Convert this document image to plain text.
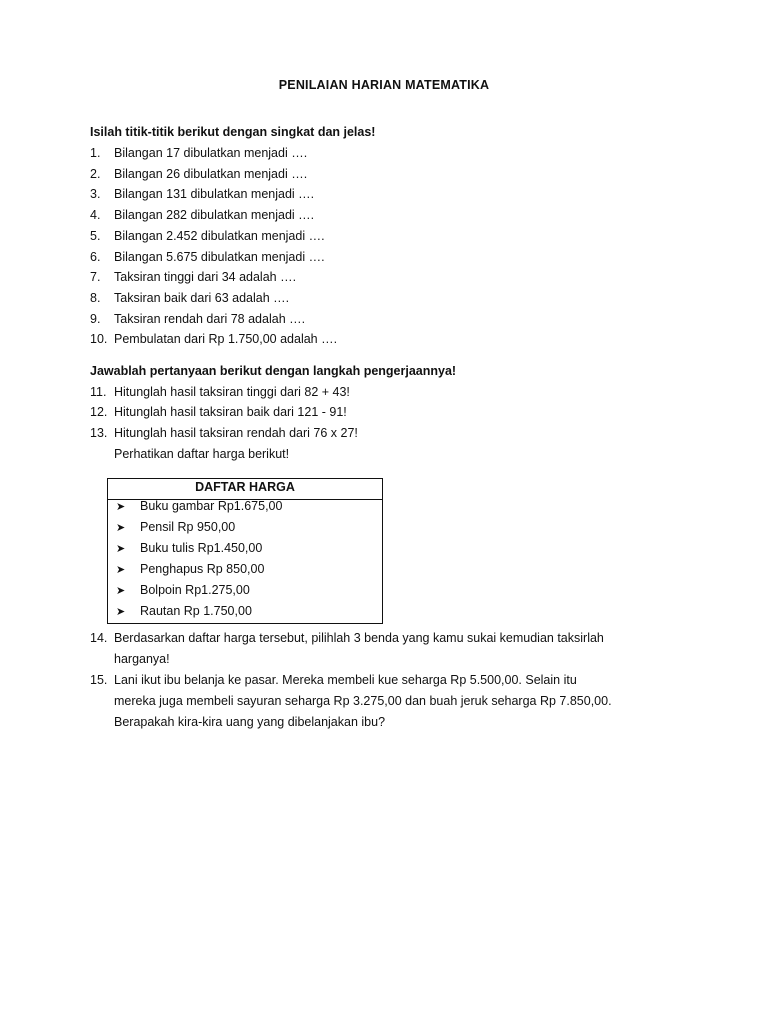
PENILAIAN HARIAN MATEMATIKA
Isilah titik-titik berikut dengan singkat dan jelas!
1. Bilangan 17 dibulatkan menjadi ….
2. Bilangan 26 dibulatkan menjadi ….
3. Bilangan 131 dibulatkan menjadi ….
4. Bilangan 282 dibulatkan menjadi ….
5. Bilangan 2.452 dibulatkan menjadi ….
6. Bilangan 5.675 dibulatkan menjadi ….
7. Taksiran tinggi dari 34 adalah ….
8. Taksiran baik dari 63 adalah ….
9. Taksiran rendah dari 78 adalah ….
10. Pembulatan dari Rp 1.750,00 adalah ….
Jawablah pertanyaan berikut dengan langkah pengerjaannya!
11. Hitunglah hasil taksiran tinggi dari 82 + 43!
12. Hitunglah hasil taksiran baik dari 121 - 91!
13. Hitunglah hasil taksiran rendah dari 76 x 27!
Perhatikan daftar harga berikut!
DAFTAR HARGA
➤ Buku gambar Rp1.675,00
➤ Pensil Rp 950,00
➤ Buku tulis Rp1.450,00
➤ Penghapus Rp 850,00
➤ Bolpoin Rp1.275,00
➤ Rautan Rp 1.750,00
14. Berdasarkan daftar harga tersebut, pilihlah 3 benda yang kamu sukai kemudian taksirlah
harganya!
15. Lani ikut ibu belanja ke pasar. Mereka membeli kue seharga Rp 5.500,00. Selain itu
mereka juga membeli sayuran seharga Rp 3.275,00 dan buah jeruk seharga Rp 7.850,00.
Berapakah kira-kira uang yang dibelanjakan ibu?
